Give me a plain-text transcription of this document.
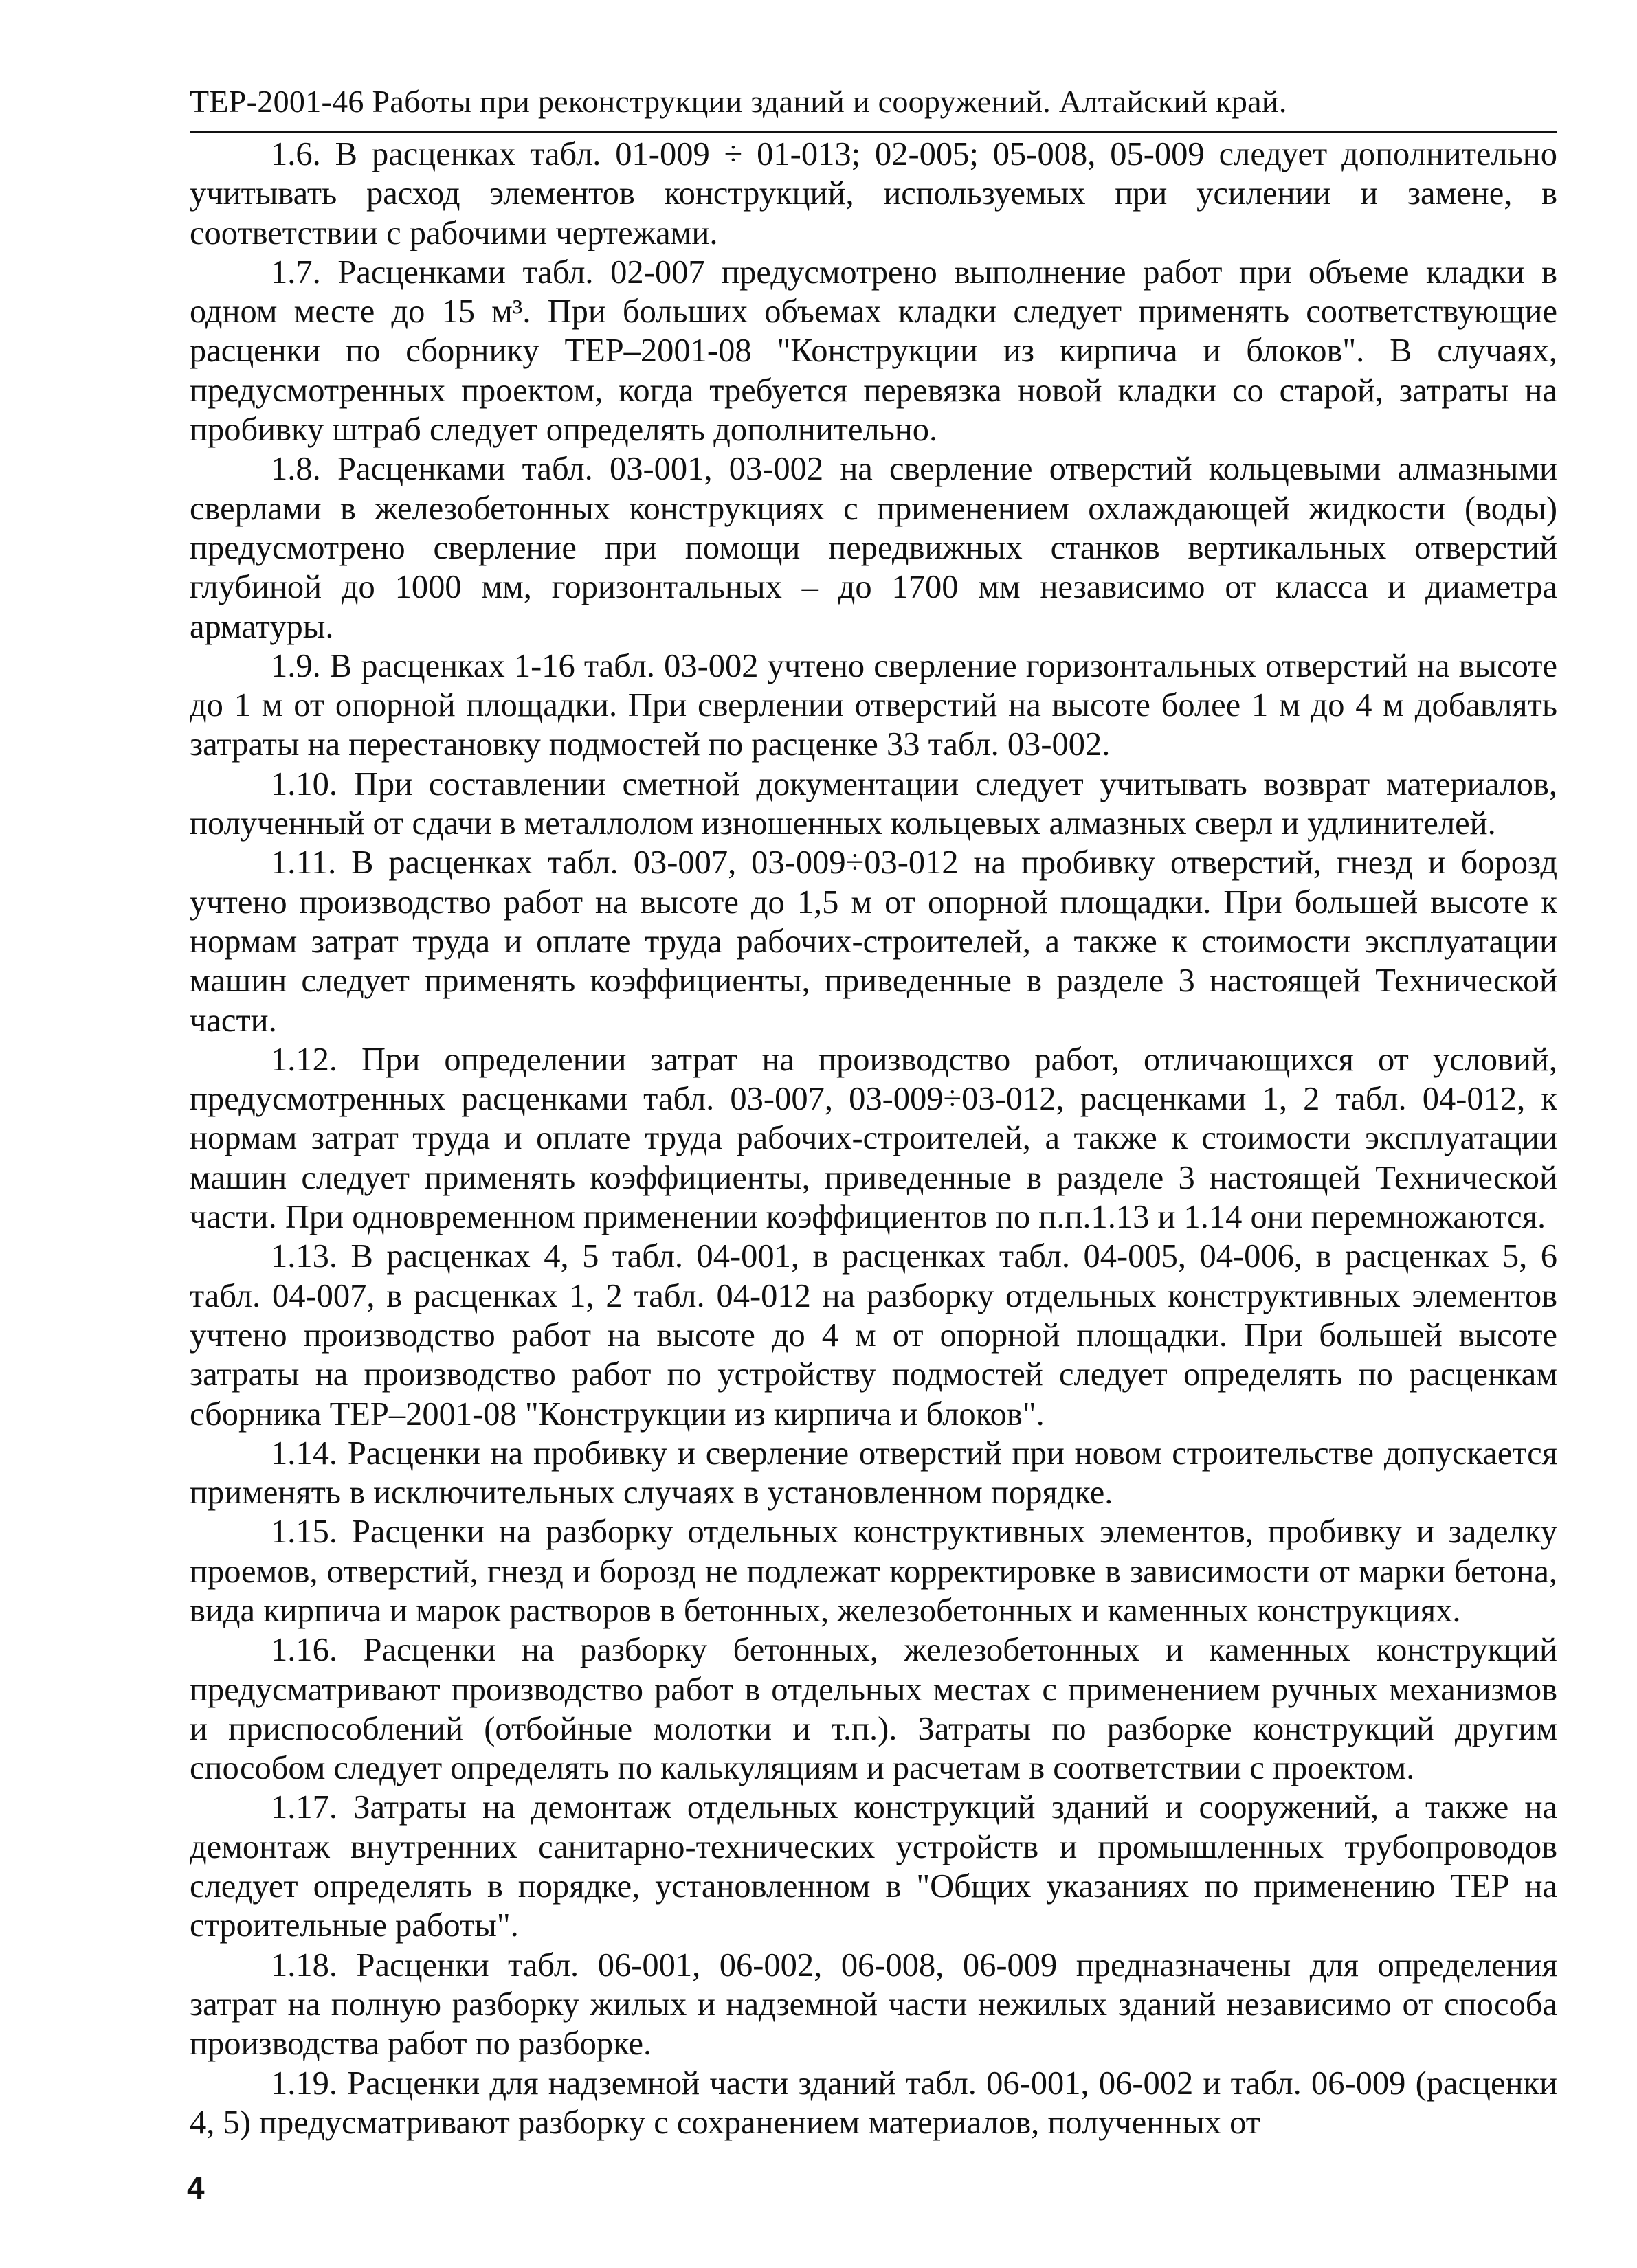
ТЕР-2001-46 Работы при реконструкции зданий и сооружений. Алтайский край.

1.6. В расценках табл. 01-009 ÷ 01-013; 02-005; 05-008, 05-009 следует дополнительно учитывать расход элементов конструкций, используемых при усилении и замене, в соответствии с рабочими чертежами.

1.7. Расценками табл. 02-007 предусмотрено выполнение работ при объеме кладки в одном месте до 15 м³. При больших объемах кладки следует применять соответствующие расценки по сборнику ТЕР–2001-08 "Конструкции из кирпича и блоков". В случаях, предусмотренных проектом, когда требуется перевязка новой кладки со старой, затраты на пробивку штраб следует определять дополнительно.

1.8. Расценками табл. 03-001, 03-002 на сверление отверстий кольцевыми алмазными сверлами в железобетонных конструкциях с применением охлаждающей жидкости (воды) предусмотрено сверление при помощи передвижных станков вертикальных отверстий глубиной до 1000 мм, горизонтальных – до 1700 мм независимо от класса и диаметра арматуры.

1.9. В расценках 1-16 табл. 03-002 учтено сверление горизонтальных отверстий на высоте до 1 м от опорной площадки. При сверлении отверстий на высоте более 1 м до 4 м добавлять затраты на перестановку подмостей по расценке 33 табл. 03-002.

1.10. При составлении сметной документации следует учитывать возврат материалов, полученный от сдачи в металлолом изношенных кольцевых алмазных сверл и удлинителей.

1.11. В расценках табл. 03-007, 03-009÷03-012 на пробивку отверстий, гнезд и борозд учтено производство работ на высоте до 1,5 м от опорной площадки. При большей высоте к нормам затрат труда и оплате труда рабочих-строителей, а также к стоимости эксплуатации машин следует применять коэффициенты, приведенные в разделе 3 настоящей Технической части.

1.12. При определении затрат на производство работ, отличающихся от условий, предусмотренных расценками табл. 03-007, 03-009÷03-012, расценками 1, 2 табл. 04-012, к нормам затрат труда и оплате труда рабочих-строителей, а также к стоимости эксплуатации машин следует применять коэффициенты, приведенные в разделе 3 настоящей Технической части. При одновременном применении коэффициентов по п.п.1.13 и 1.14 они перемножаются.

1.13. В расценках 4, 5 табл. 04-001, в расценках табл. 04-005, 04-006, в расценках 5, 6 табл. 04-007, в расценках 1, 2 табл. 04-012 на разборку отдельных конструктивных элементов учтено производство работ на высоте до 4 м от опорной площадки. При большей высоте затраты на производство работ по устройству подмостей следует определять по расценкам сборника ТЕР–2001-08 "Конструкции из кирпича и блоков".

1.14. Расценки на пробивку и сверление отверстий при новом строительстве допускается применять в исключительных случаях в установленном порядке.

1.15. Расценки на разборку отдельных конструктивных элементов, пробивку и заделку проемов, отверстий, гнезд и борозд не подлежат корректировке в зависимости от марки бетона, вида кирпича и марок растворов в бетонных, железобетонных и каменных конструкциях.

1.16. Расценки на разборку бетонных, железобетонных и каменных конструкций предусматривают производство работ в отдельных местах с применением ручных механизмов и приспособлений (отбойные молотки и т.п.). Затраты по разборке конструкций другим способом следует определять по калькуляциям и расчетам в соответствии с проектом.

1.17. Затраты на демонтаж отдельных конструкций зданий и сооружений, а также на демонтаж внутренних санитарно-технических устройств и промышленных трубопроводов следует определять в порядке, установленном в "Общих указаниях по применению ТЕР на строительные работы".

1.18. Расценки табл. 06-001, 06-002, 06-008, 06-009 предназначены для определения затрат на полную разборку жилых и надземной части нежилых зданий независимо от способа производства работ по разборке.

1.19. Расценки для надземной части зданий табл. 06-001, 06-002 и табл. 06-009 (расценки 4, 5) предусматривают разборку с сохранением материалов, полученных от

4
